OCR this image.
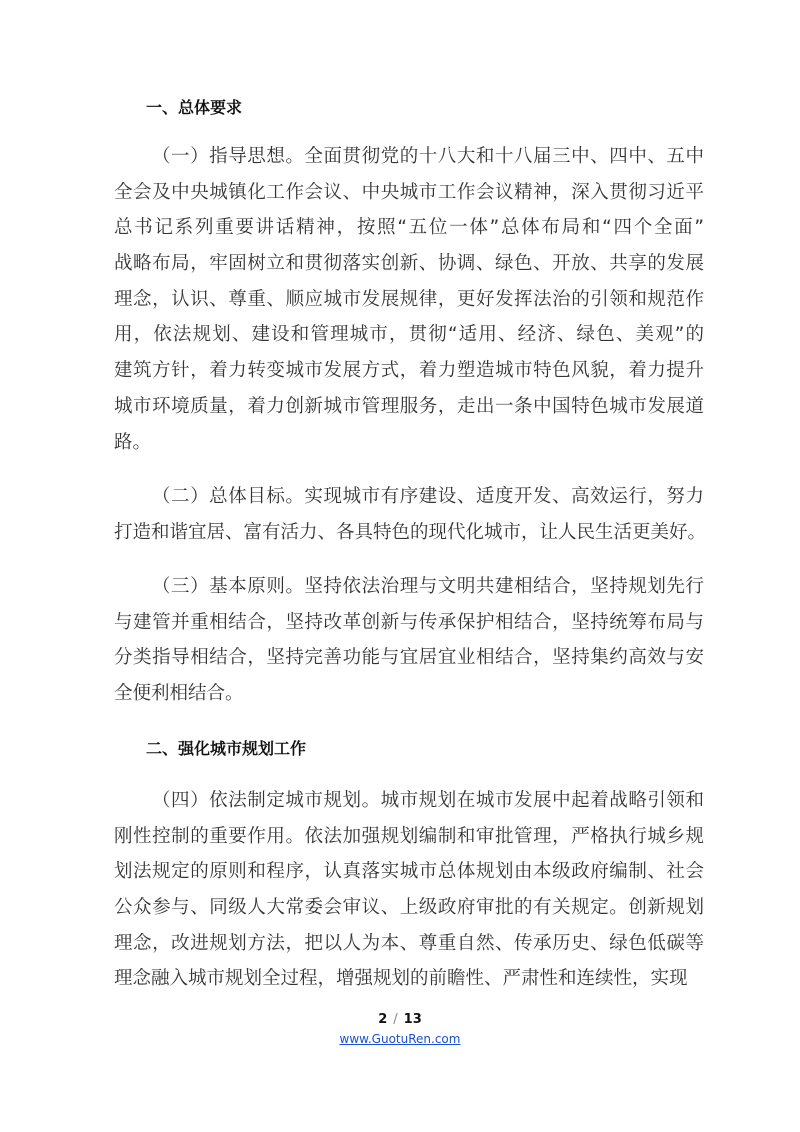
一、总体要求
（一）指导思想。全面贯彻党的十八大和十八届三中、四中、五中
全会及中央城镇化工作会议、中央城市工作会议精神，深入贯彻习近平
总书记系列重要讲话精神，按照“五位一体”总体布局和“四个全面”
战略布局，牢固树立和贯彻落实创新、协调、绿色、开放、共享的发展
理念，认识、尊重、顺应城市发展规律，更好发挥法治的引领和规范作
用，依法规划、建设和管理城市，贯彻“适用、经济、绿色、美观”的
建筑方针，着力转变城市发展方式，着力塑造城市特色风貌，着力提升
城市环境质量，着力创新城市管理服务，走出一条中国特色城市发展道
路。
（二）总体目标。实现城市有序建设、适度开发、高效运行，努力
打造和谐宜居、富有活力、各具特色的现代化城市，让人民生活更美好。
（三）基本原则。坚持依法治理与文明共建相结合，坚持规划先行
与建管并重相结合，坚持改革创新与传承保护相结合，坚持统筹布局与
分类指导相结合，坚持完善功能与宜居宜业相结合，坚持集约高效与安
全便利相结合。
二、强化城市规划工作
（四）依法制定城市规划。城市规划在城市发展中起着战略引领和
刚性控制的重要作用。依法加强规划编制和审批管理，严格执行城乡规
划法规定的原则和程序，认真落实城市总体规划由本级政府编制、社会
公众参与、同级人大常委会审议、上级政府审批的有关规定。创新规划
理念，改进规划方法，把以人为本、尊重自然、传承历史、绿色低碳等
理念融入城市规划全过程，增强规划的前瞻性、严肃性和连续性，实现
2 / 13
www.GuotuRen.com
